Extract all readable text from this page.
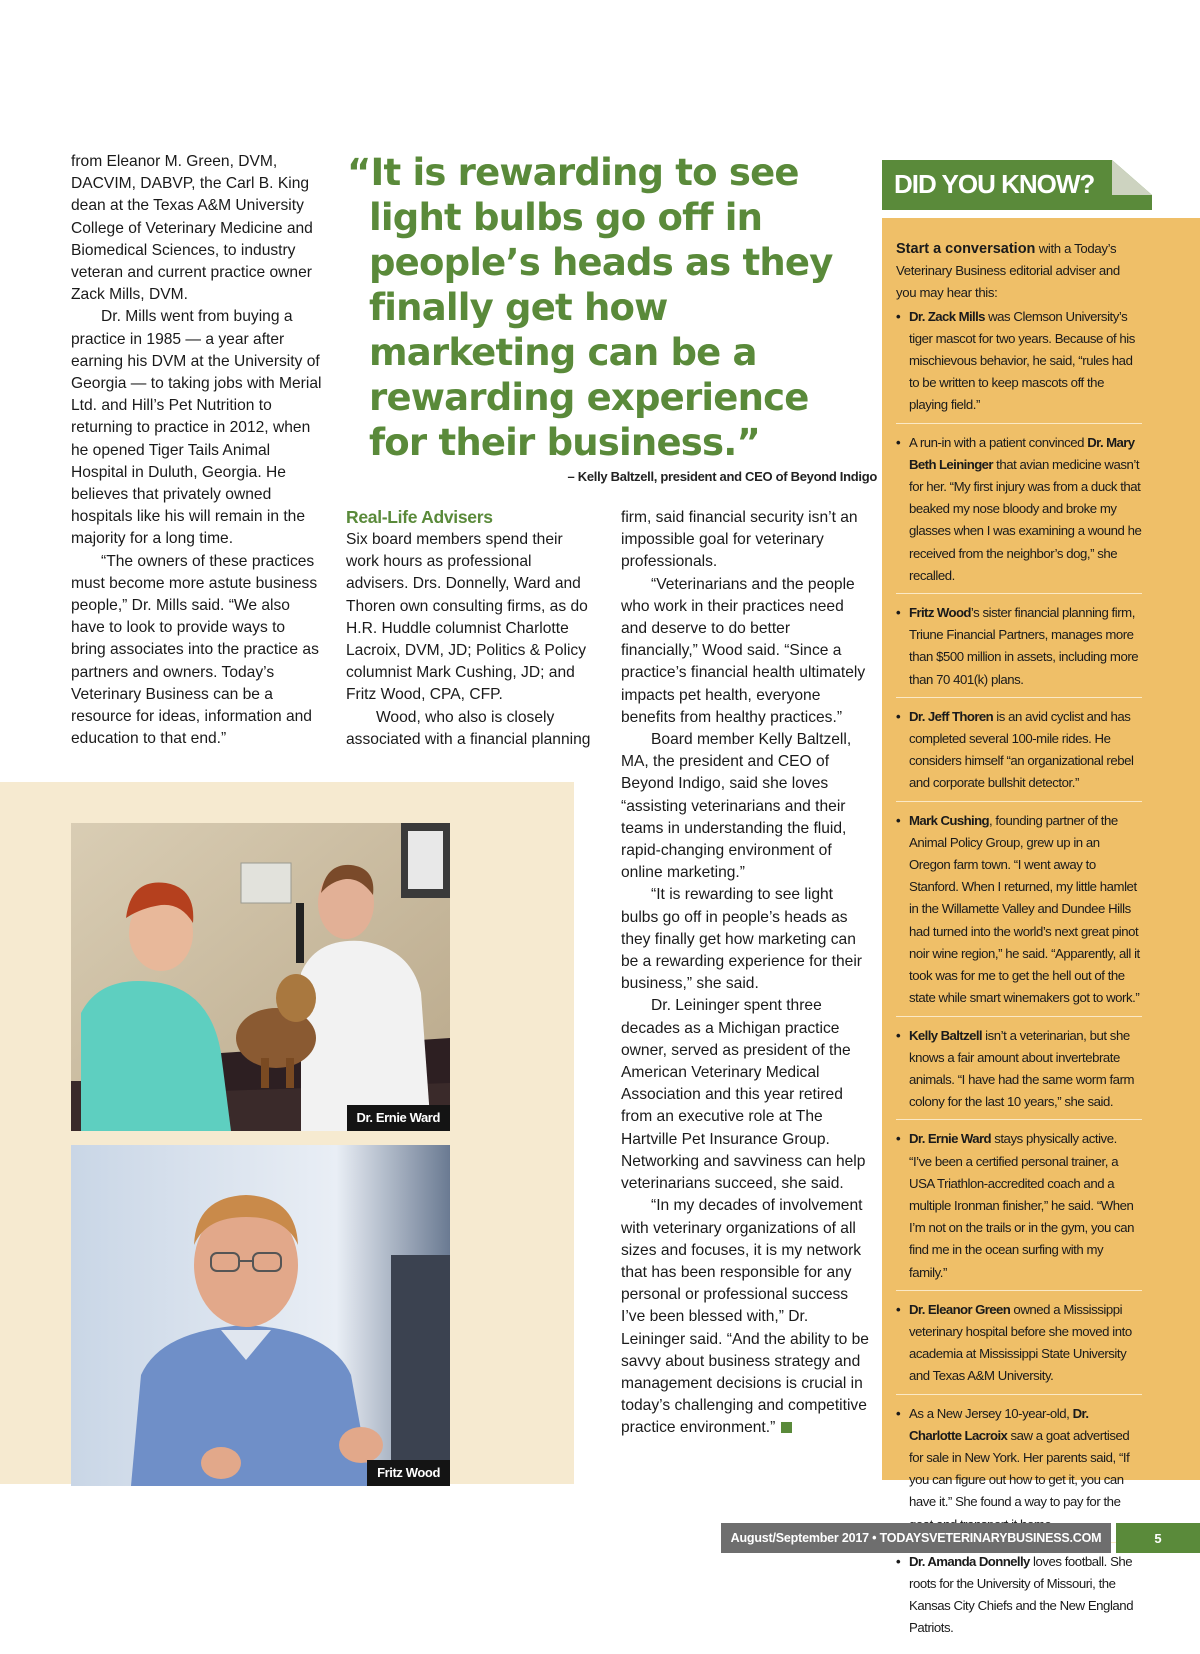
from Eleanor M. Green, DVM, DACVIM, DABVP, the Carl B. King dean at the Texas A&M University College of Veterinary Medicine and Biomedical Sciences, to industry veteran and current practice owner Zack Mills, DVM.

Dr. Mills went from buying a practice in 1985 — a year after earning his DVM at the University of Georgia — to taking jobs with Merial Ltd. and Hill’s Pet Nutrition to returning to practice in 2012, when he opened Tiger Tails Animal Hospital in Duluth, Georgia. He believes that privately owned hospitals like his will remain in the majority for a long time.

“The owners of these practices must become more astute business people,” Dr. Mills said. “We also have to look to provide ways to bring associates into the practice as partners and owners. Today’s Veterinary Business can be a resource for ideas, information and education to that end.”

“It is rewarding to see light bulbs go off in people’s heads as they finally get how marketing can be a rewarding experience for their business.”

– Kelly Baltzell, president and CEO of Beyond Indigo

Dr. Ernie Ward
Fritz Wood
Real-Life Advisers

Six board members spend their work hours as professional advisers. Drs. Donnelly, Ward and Thoren own consulting firms, as do H.R. Huddle columnist Charlotte Lacroix, DVM, JD; Politics & Policy columnist Mark Cushing, JD; and Fritz Wood, CPA, CFP.

Wood, who also is closely associated with a financial planning

firm, said financial security isn’t an impossible goal for veterinary professionals.

“Veterinarians and the people who work in their practices need and deserve to do better financially,” Wood said. “Since a practice’s financial health ultimately impacts pet health, everyone benefits from healthy practices.”

Board member Kelly Baltzell, MA, the president and CEO of Beyond Indigo, said she loves “assisting veterinarians and their teams in understanding the fluid, rapid-changing environment of online marketing.”

“It is rewarding to see light bulbs go off in people’s heads as they finally get how marketing can be a rewarding experience for their business,” she said.

Dr. Leininger spent three decades as a Michigan practice owner, served as president of the American Veterinary Medical Association and this year retired from an executive role at The Hartville Pet Insurance Group. Networking and savviness can help veterinarians succeed, she said.

“In my decades of involvement with veterinary organizations of all sizes and focuses, it is my network that has been responsible for any personal or professional success I’ve been blessed with,” Dr. Leininger said. “And the ability to be savvy about business strategy and management decisions is crucial in today’s challenging and competitive practice environment.”

DID YOU KNOW?

Start a conversation with a Today’s Veterinary Business editorial adviser and you may hear this:

• Dr. Zack Mills was Clemson University’s tiger mascot for two years. Because of his mischievous behavior, he said, “rules had to be written to keep mascots off the playing field.”
• A run-in with a patient convinced Dr. Mary Beth Leininger that avian medicine wasn’t for her. “My first injury was from a duck that beaked my nose bloody and broke my glasses when I was examining a wound he received from the neighbor’s dog,” she recalled.
• Fritz Wood’s sister financial planning firm, Triune Financial Partners, manages more than $500 million in assets, including more than 70 401(k) plans.
• Dr. Jeff Thoren is an avid cyclist and has completed several 100-mile rides. He considers himself “an organizational rebel and corporate bullshit detector.”
• Mark Cushing, founding partner of the Animal Policy Group, grew up in an Oregon farm town. “I went away to Stanford. When I returned, my little hamlet in the Willamette Valley and Dundee Hills had turned into the world’s next great pinot noir wine region,” he said. “Apparently, all it took was for me to get the hell out of the state while smart winemakers got to work.”
• Kelly Baltzell isn’t a veterinarian, but she knows a fair amount about invertebrate animals. “I have had the same worm farm colony for the last 10 years,” she said.
• Dr. Ernie Ward stays physically active. “I’ve been a certified personal trainer, a USA Triathlon-accredited coach and a multiple Ironman finisher,” he said. “When I’m not on the trails or in the gym, you can find me in the ocean surfing with my family.”
• Dr. Eleanor Green owned a Mississippi veterinary hospital before she moved into academia at Mississippi State University and Texas A&M University.
• As a New Jersey 10-year-old, Dr. Charlotte Lacroix saw a goat advertised for sale in New York. Her parents said, “If you can figure out how to get it, you can have it.” She found a way to pay for the
• Dr. Amanda Donnelly loves football. She roots for the University of Missouri, the Kansas City Chiefs and the New England Patriots.
August/September 2017 • TODAYSVETERINARYBUSINESS.COM	5
